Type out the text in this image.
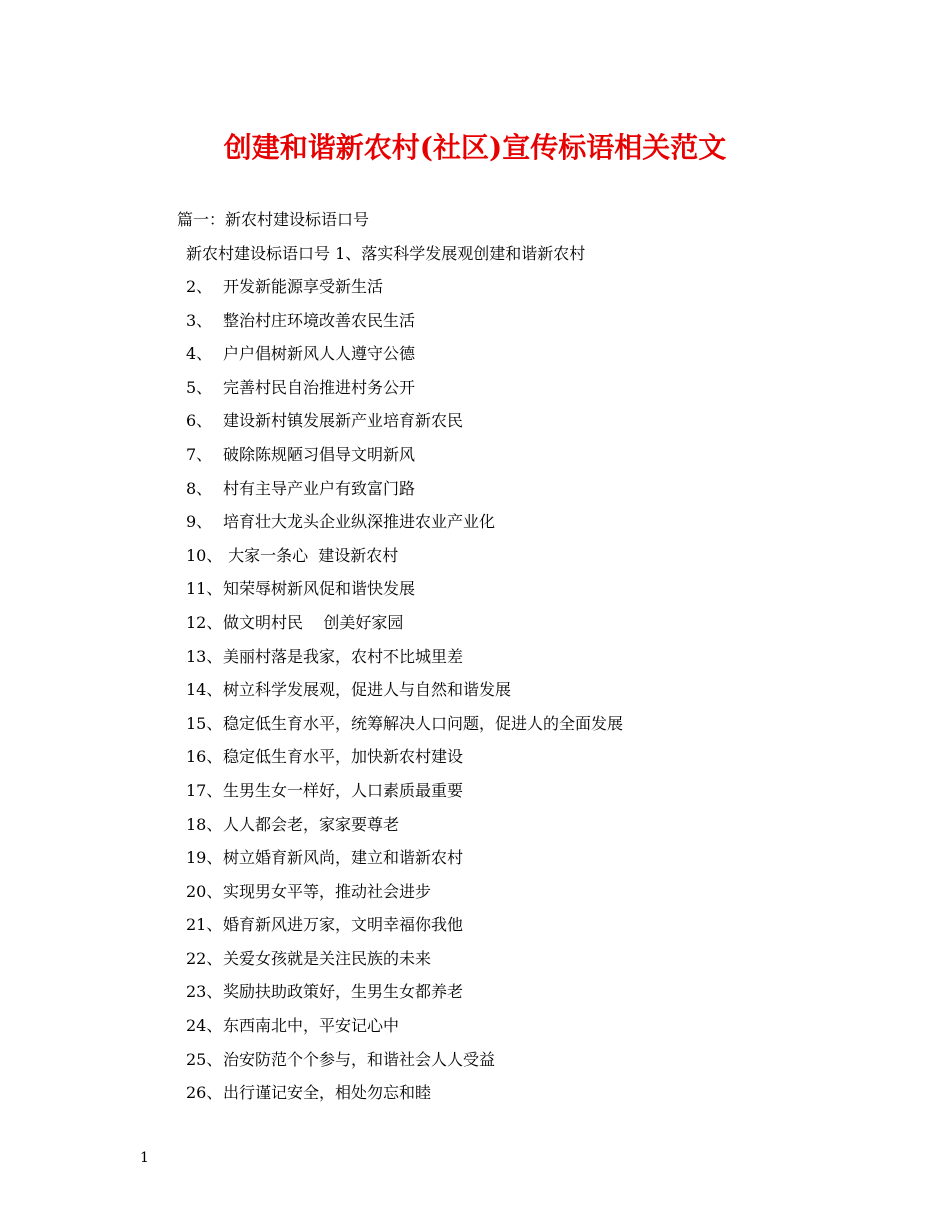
创建和谐新农村(社区)宣传标语相关范文
篇一：新农村建设标语口号
新农村建设标语口号 1、落实科学发展观创建和谐新农村
2、 开发新能源享受新生活
3、 整治村庄环境改善农民生活
4、 户户倡树新风人人遵守公德
5、 完善村民自治推进村务公开
6、 建设新村镇发展新产业培育新农民
7、 破除陈规陋习倡导文明新风
8、 村有主导产业户有致富门路
9、 培育壮大龙头企业纵深推进农业产业化
10、 大家一条心  建设新农村
11、 知荣辱树新风促和谐快发展
12、 做文明村民    创美好家园
13、 美丽村落是我家，农村不比城里差
14、 树立科学发展观，促进人与自然和谐发展
15、 稳定低生育水平，统筹解决人口问题，促进人的全面发展
16、 稳定低生育水平，加快新农村建设
17、 生男生女一样好，人口素质最重要
18、 人人都会老，家家要尊老
19、 树立婚育新风尚，建立和谐新农村
20、 实现男女平等，推动社会进步
21、 婚育新风进万家，文明幸福你我他
22、 关爱女孩就是关注民族的未来
23、 奖励扶助政策好，生男生女都养老
24、 东西南北中，平安记心中
25、 治安防范个个参与，和谐社会人人受益
26、 出行谨记安全，相处勿忘和睦
1
